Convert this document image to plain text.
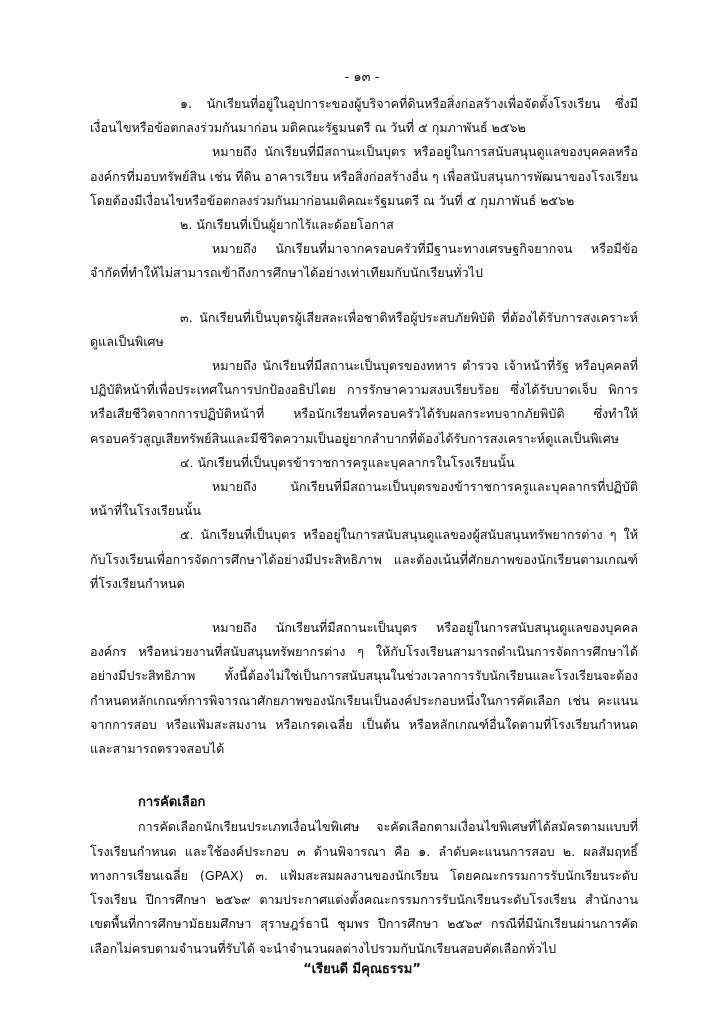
- ๑๓ -

๑. นักเรียนที่อยู่ในอุปการะของผู้บริจาคที่ดินหรือสิ่งก่อสร้างเพื่อจัดตั้งโรงเรียน ซึ่งมีเงื่อนไขหรือข้อตกลงร่วมกันมาก่อน มติคณะรัฐมนตรี ณ วันที่ ๕ กุมภาพันธ์ ๒๕๖๒

หมายถึง นักเรียนที่มีสถานะเป็นบุตร หรืออยู่ในการสนับสนุนดูแลของบุคคลหรือองค์กรที่มอบทรัพย์สิน เช่น ที่ดิน อาคารเรียน หรือสิ่งก่อสร้างอื่น ๆ เพื่อสนับสนุนการพัฒนาของโรงเรียน โดยต้องมีเงื่อนไขหรือข้อตกลงร่วมกันมาก่อนมติคณะรัฐมนตรี ณ วันที่ ๕ กุมภาพันธ์ ๒๕๖๒

๒. นักเรียนที่เป็นผู้ยากไร้และด้อยโอกาส

หมายถึง นักเรียนที่มาจากครอบครัวที่มีฐานะทางเศรษฐกิจยากจน หรือมีข้อจำกัดที่ทำให้ไม่สามารถเข้าถึงการศึกษาได้อย่างเท่าเทียมกับนักเรียนทั่วไป

๓. นักเรียนที่เป็นบุตรผู้เสียสละเพื่อชาติหรือผู้ประสบภัยพิบัติ ที่ต้องได้รับการสงเคราะห์ดูแลเป็นพิเศษ

หมายถึง นักเรียนที่มีสถานะเป็นบุตรของทหาร ตำรวจ เจ้าหน้าที่รัฐ หรือบุคคลที่ปฏิบัติหน้าที่เพื่อประเทศในการปกป้องอธิปไตย การรักษาความสงบเรียบร้อย ซึ่งได้รับบาดเจ็บ พิการหรือเสียชีวิตจากการปฏิบัติหน้าที่ หรือนักเรียนที่ครอบครัวได้รับผลกระทบจากภัยพิบัติ ซึ่งทำให้ครอบครัวสูญเสียทรัพย์สินและมีชีวิตความเป็นอยู่ยากลำบากที่ต้องได้รับการสงเคราะห์ดูแลเป็นพิเศษ

๔. นักเรียนที่เป็นบุตรข้าราชการครูและบุคลากรในโรงเรียนนั้น

หมายถึง นักเรียนที่มีสถานะเป็นบุตรของข้าราชการครูและบุคลากรที่ปฏิบัติหน้าที่ในโรงเรียนนั้น

๕. นักเรียนที่เป็นบุตร หรืออยู่ในการสนับสนุนดูแลของผู้สนับสนุนทรัพยากรต่าง ๆ ให้กับโรงเรียนเพื่อการจัดการศึกษาได้อย่างมีประสิทธิภาพ และต้องเน้นที่ศักยภาพของนักเรียนตามเกณฑ์ที่โรงเรียนกำหนด

หมายถึง นักเรียนที่มีสถานะเป็นบุตร หรืออยู่ในการสนับสนุนดูแลของบุคคล องค์กร หรือหน่วยงานที่สนับสนุนทรัพยากรต่าง ๆ ให้กับโรงเรียนสามารถดำเนินการจัดการศึกษาได้อย่างมีประสิทธิภาพ ทั้งนี้ต้องไม่ใช่เป็นการสนับสนุนในช่วงเวลาการรับนักเรียนและโรงเรียนจะต้องกำหนดหลักเกณฑ์การพิจารณาศักยภาพของนักเรียนเป็นองค์ประกอบหนึ่งในการคัดเลือก เช่น คะแนนจากการสอบ หรือแฟ้มสะสมงาน หรือเกรดเฉลี่ย เป็นต้น หรือหลักเกณฑ์อื่นใดตามที่โรงเรียนกำหนดและสามารถตรวจสอบได้

การคัดเลือก

การคัดเลือกนักเรียนประเภทเงื่อนไขพิเศษ จะคัดเลือกตามเงื่อนไขพิเศษที่ได้สมัครตามแบบที่โรงเรียนกำหนด และใช้องค์ประกอบ ๓ ด้านพิจารณา คือ ๑. ลำดับคะแนนการสอบ ๒. ผลสัมฤทธิ์ทางการเรียนเฉลี่ย (GPAX) ๓. แฟ้มสะสมผลงานของนักเรียน โดยคณะกรรมการรับนักเรียนระดับโรงเรียน ปีการศึกษา ๒๕๖๙ ตามประกาศแต่งตั้งคณะกรรมการรับนักเรียนระดับโรงเรียน สำนักงานเขตพื้นที่การศึกษามัธยมศึกษา สุราษฎร์ธานี ชุมพร ปีการศึกษา ๒๕๖๙ กรณีที่มีนักเรียนผ่านการคัดเลือกไม่ครบตามจำนวนที่รับได้ จะนำจำนวนผลต่างไปรวมกับนักเรียนสอบคัดเลือกทั่วไป

“เรียนดี มีคุณธรรม”
